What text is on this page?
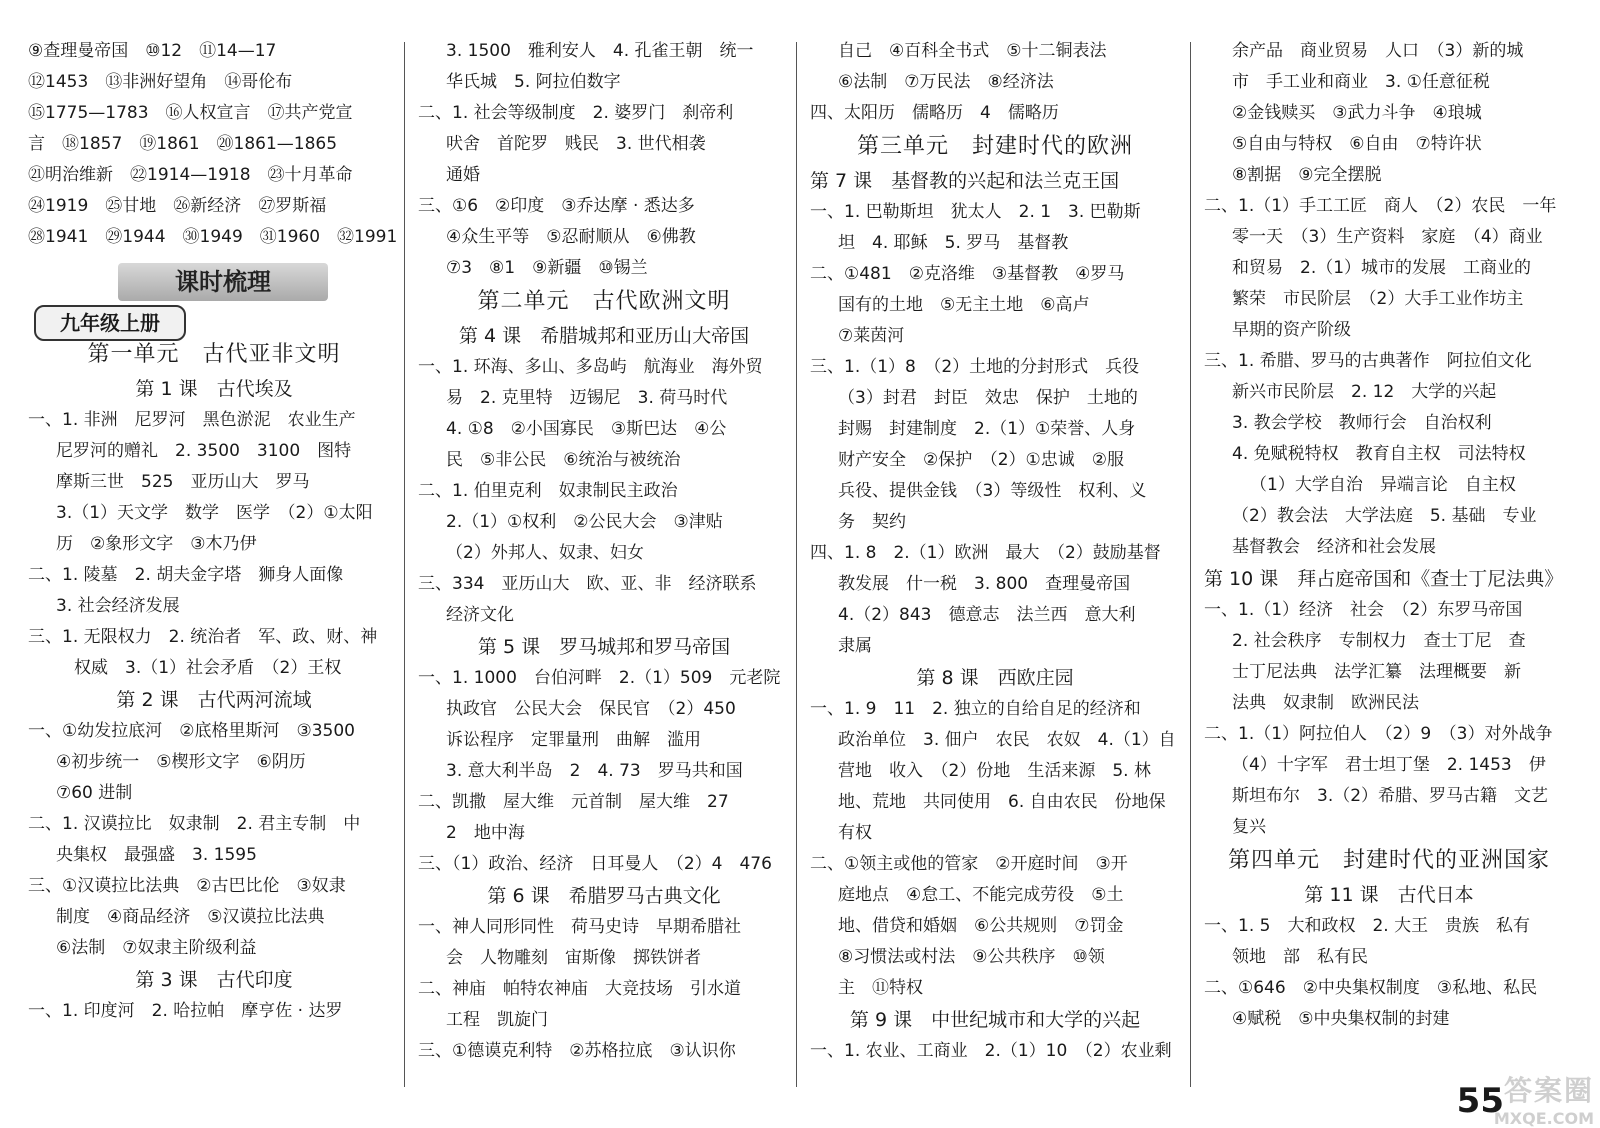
⑨查理曼帝国　⑩12　⑪14—17
⑫1453　⑬非洲好望角　⑭哥伦布
⑮1775—1783　⑯人权宣言　⑰共产党宣
言　⑱1857　⑲1861　⑳1861—1865
㉑明治维新　㉒1914—1918　㉓十月革命
㉔1919　㉕甘地　㉖新经济　㉗罗斯福
㉘1941　㉙1944　㉚1949　㉛1960　㉜1991
课时梳理
九年级上册
第一单元　古代亚非文明
第 1 课　古代埃及
一、1. 非洲　尼罗河　黑色淤泥　农业生产
尼罗河的赠礼　2. 3500　3100　图特
摩斯三世　525　亚历山大　罗马
3.（1）天文学　数学　医学　（2）①太阳
历　②象形文字　③木乃伊
二、1. 陵墓　2. 胡夫金字塔　狮身人面像
3. 社会经济发展
三、1. 无限权力　2. 统治者　军、政、财、神
权威　3.（1）社会矛盾　（2）王权
第 2 课　古代两河流域
一、①幼发拉底河　②底格里斯河　③3500
④初步统一　⑤楔形文字　⑥阴历
⑦60 进制
二、1. 汉谟拉比　奴隶制　2. 君主专制　中
央集权　最强盛　3. 1595
三、①汉谟拉比法典　②古巴比伦　③奴隶
制度　④商品经济　⑤汉谟拉比法典
⑥法制　⑦奴隶主阶级利益
第 3 课　古代印度
一、1. 印度河　2. 哈拉帕　摩亨佐 · 达罗
3. 1500　雅利安人　4. 孔雀王朝　统一
华氏城　5. 阿拉伯数字
二、1. 社会等级制度　2. 婆罗门　刹帝利
吠舍　首陀罗　贱民　3. 世代相袭
通婚
三、①6　②印度　③乔达摩 · 悉达多
④众生平等　⑤忍耐顺从　⑥佛教
⑦3　⑧1　⑨新疆　⑩锡兰
第二单元　古代欧洲文明
第 4 课　希腊城邦和亚历山大帝国
一、1. 环海、多山、多岛屿　航海业　海外贸
易　2. 克里特　迈锡尼　3. 荷马时代
4. ①8　②小国寡民　③斯巴达　④公
民　⑤非公民　⑥统治与被统治
二、1. 伯里克利　奴隶制民主政治
2.（1）①权利　②公民大会　③津贴
（2）外邦人、奴隶、妇女
三、334　亚历山大　欧、亚、非　经济联系
经济文化
第 5 课　罗马城邦和罗马帝国
一、1. 1000　台伯河畔　2.（1）509　元老院
执政官　公民大会　保民官　（2）450
诉讼程序　定罪量刑　曲解　滥用
3. 意大利半岛　2　4. 73　罗马共和国
二、凯撒　屋大维　元首制　屋大维　27
2　地中海
三、（1）政治、经济　日耳曼人　（2）4　476
第 6 课　希腊罗马古典文化
一、神人同形同性　荷马史诗　早期希腊社
会　人物雕刻　宙斯像　掷铁饼者
二、神庙　帕特农神庙　大竞技场　引水道
工程　凯旋门
三、①德谟克利特　②苏格拉底　③认识你
自己　④百科全书式　⑤十二铜表法
⑥法制　⑦万民法　⑧经济法
四、太阳历　儒略历　4　儒略历
第三单元　封建时代的欧洲
第 7 课　基督教的兴起和法兰克王国
一、1. 巴勒斯坦　犹太人　2. 1　3. 巴勒斯
坦　4. 耶稣　5. 罗马　基督教
二、①481　②克洛维　③基督教　④罗马
国有的土地　⑤无主土地　⑥高卢
⑦莱茵河
三、1.（1）8　（2）土地的分封形式　兵役
（3）封君　封臣　效忠　保护　土地的
封赐　封建制度　2.（1）①荣誉、人身
财产安全　②保护　（2）①忠诚　②服
兵役、提供金钱　（3）等级性　权利、义
务　契约
四、1. 8　2.（1）欧洲　最大　（2）鼓励基督
教发展　什一税　3. 800　查理曼帝国
4.（2）843　德意志　法兰西　意大利
隶属
第 8 课　西欧庄园
一、1. 9　11　2. 独立的自给自足的经济和
政治单位　3. 佃户　农民　农奴　4.（1）自
营地　收入　（2）份地　生活来源　5. 林
地、荒地　共同使用　6. 自由农民　份地保
有权
二、①领主或他的管家　②开庭时间　③开
庭地点　④怠工、不能完成劳役　⑤土
地、借贷和婚姻　⑥公共规则　⑦罚金
⑧习惯法或村法　⑨公共秩序　⑩领
主　⑪特权
第 9 课　中世纪城市和大学的兴起
一、1. 农业、工商业　2.（1）10　（2）农业剩
余产品　商业贸易　人口　（3）新的城
市　手工业和商业　3. ①任意征税
②金钱赎买　③武力斗争　④琅城
⑤自由与特权　⑥自由　⑦特许状
⑧割据　⑨完全摆脱
二、1.（1）手工工匠　商人　（2）农民　一年
零一天　（3）生产资料　家庭　（4）商业
和贸易　2.（1）城市的发展　工商业的
繁荣　市民阶层　（2）大手工业作坊主
早期的资产阶级
三、1. 希腊、罗马的古典著作　阿拉伯文化
新兴市民阶层　2. 12　大学的兴起
3. 教会学校　教师行会　自治权利
4. 免赋税特权　教育自主权　司法特权
（1）大学自治　异端言论　自主权
（2）教会法　大学法庭　5. 基础　专业
基督教会　经济和社会发展
第 10 课　拜占庭帝国和《查士丁尼法典》
一、1.（1）经济　社会　（2）东罗马帝国
2. 社会秩序　专制权力　查士丁尼　查
士丁尼法典　法学汇纂　法理概要　新
法典　奴隶制　欧洲民法
二、1.（1）阿拉伯人　（2）9　（3）对外战争
（4）十字军　君士坦丁堡　2. 1453　伊
斯坦布尔　3.（2）希腊、罗马古籍　文艺
复兴
第四单元　封建时代的亚洲国家
第 11 课　古代日本
一、1. 5　大和政权　2. 大王　贵族　私有
领地　部　私有民
二、①646　②中央集权制度　③私地、私民
④赋税　⑤中央集权制的封建
55 答案圈
MXQE.COM
